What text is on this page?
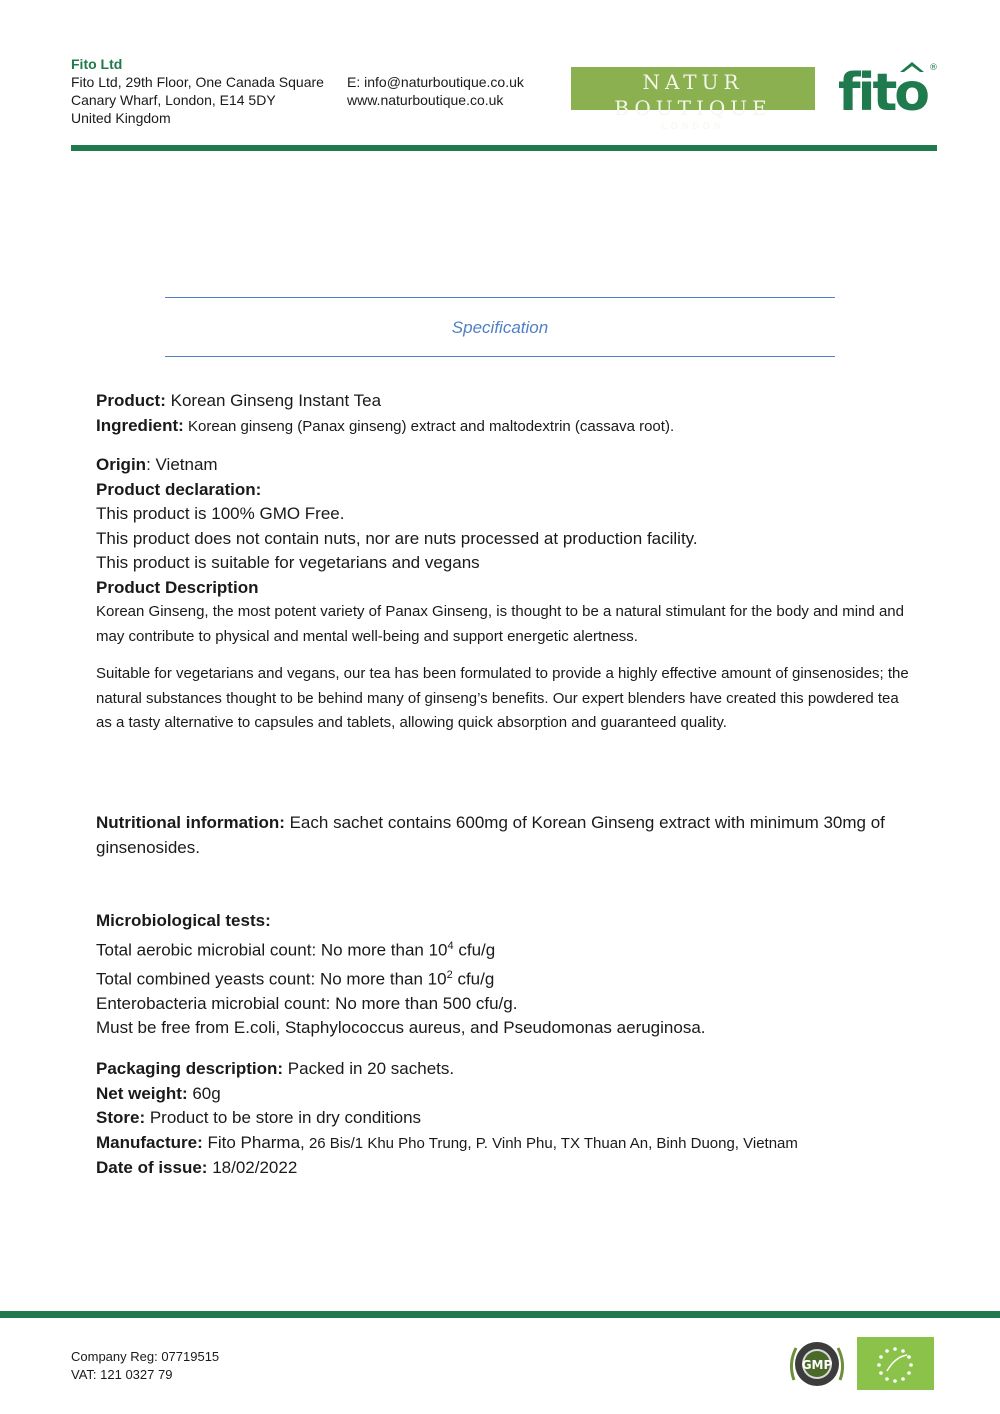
Fito Ltd
Fito Ltd, 29th Floor, One Canada Square
Canary Wharf, London, E14 5DY
United Kingdom
E: info@naturboutique.co.uk
www.naturboutique.co.uk
NATUR BOUTIQUE
LONDON
fito ®
Specification
Product: Korean Ginseng Instant Tea
Ingredient: Korean ginseng (Panax ginseng) extract and maltodextrin (cassava root).
Origin: Vietnam
Product declaration:
This product is 100% GMO Free.
This product does not contain nuts, nor are nuts processed at production facility.
This product is suitable for vegetarians and vegans
Product Description
Korean Ginseng, the most potent variety of Panax Ginseng, is thought to be a natural stimulant for the body and mind and may contribute to physical and mental well-being and support energetic alertness.
Suitable for vegetarians and vegans, our tea has been formulated to provide a highly effective amount of ginsenosides; the natural substances thought to be behind many of ginseng’s benefits. Our expert blenders have created this powdered tea as a tasty alternative to capsules and tablets, allowing quick absorption and guaranteed quality.
Nutritional information: Each sachet contains 600mg of Korean Ginseng extract with minimum 30mg of ginsenosides.
Microbiological tests:
Total aerobic microbial count: No more than $10^4$ cfu/g
Total combined yeasts count: No more than $10^2$ cfu/g
Enterobacteria microbial count: No more than 500 cfu/g.
Must be free from E.coli, Staphylococcus aureus, and Pseudomonas aeruginosa.
Packaging description: Packed in 20 sachets.
Net weight: 60g
Store: Product to be store in dry conditions
Manufacture: Fito Pharma, 26 Bis/1 Khu Pho Trung, P. Vinh Phu, TX Thuan An, Binh Duong, Vietnam
Date of issue: 18/02/2022
Company Reg: 07719515
VAT: 121 0327 79
GMP
